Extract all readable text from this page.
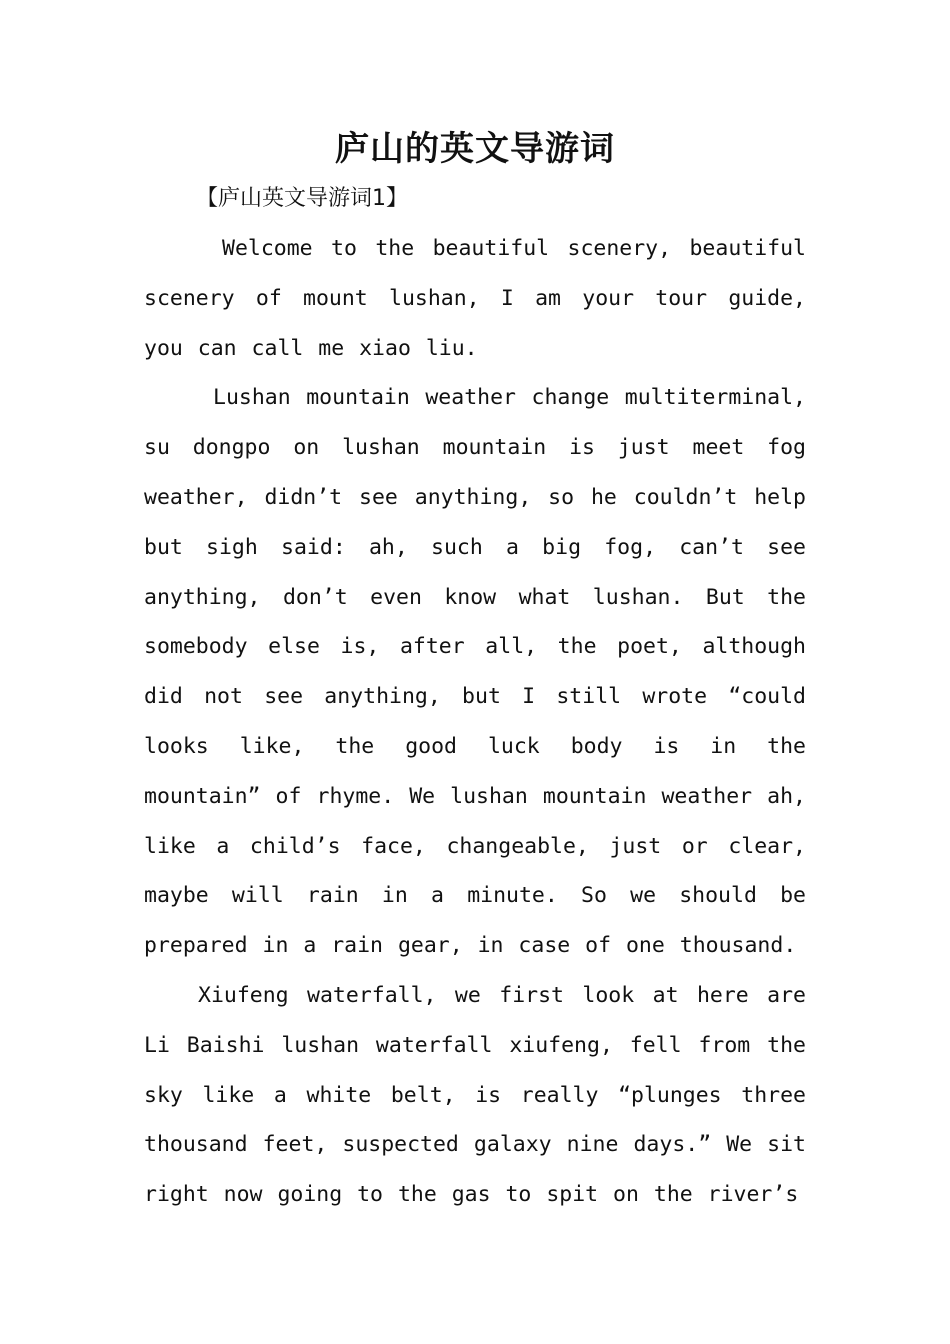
庐山的英文导游词
【庐山英文导游词1】

Welcome to the beautiful scenery, beautiful scenery of mount lushan, I am your tour guide, you can call me xiao liu.

Lushan mountain weather change multiterminal, su dongpo on lushan mountain is just meet fog weather, didn’t see anything, so he couldn’t help but sigh said: ah, such a big fog, can’t see anything, don’t even know what lushan. But the somebody else is, after all, the poet, although did not see anything, but I still wrote “could looks like, the good luck body is in the mountain” of rhyme. We lushan mountain weather ah, like a child’s face, changeable, just or clear, maybe will rain in a minute. So we should be prepared in a rain gear, in case of one thousand.

Xiufeng waterfall, we first look at here are Li Baishi lushan waterfall xiufeng, fell from the sky like a white belt, is really “plunges three thousand feet, suspected galaxy nine days.” We sit right now going to the gas to spit on the river’s
